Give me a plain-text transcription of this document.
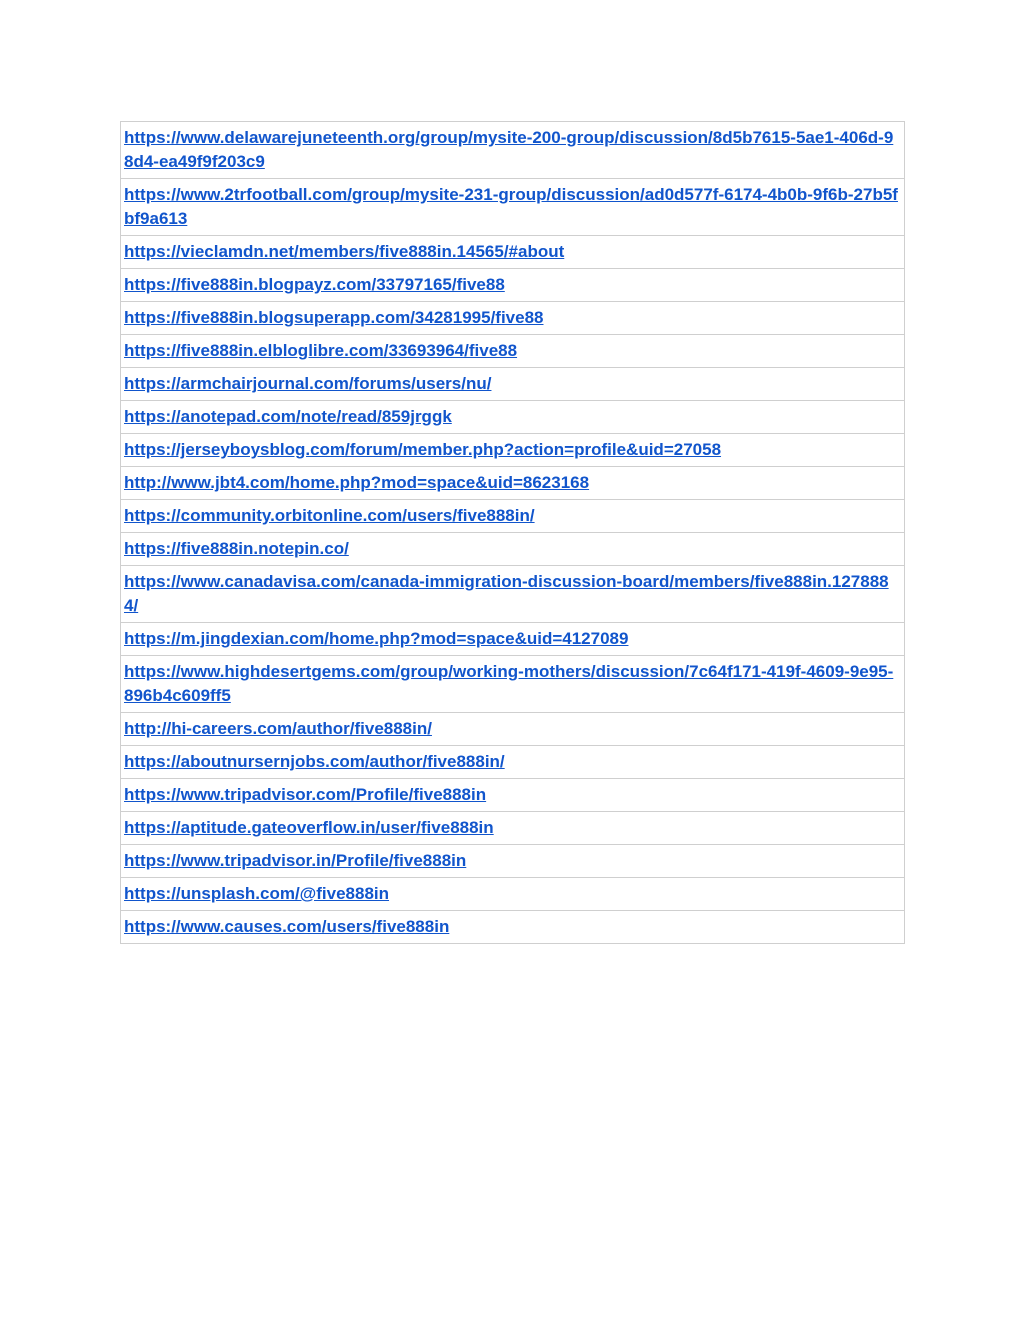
https://www.delawarejuneteenth.org/group/mysite-200-group/discussion/8d5b7615-5ae1-406d-98d4-ea49f9f203c9
https://www.2trfootball.com/group/mysite-231-group/discussion/ad0d577f-6174-4b0b-9f6b-27b5fbf9a613
https://vieclamdn.net/members/five888in.14565/#about
https://five888in.blogpayz.com/33797165/five88
https://five888in.blogsuperapp.com/34281995/five88
https://five888in.elbloglibre.com/33693964/five88
https://armchairjournal.com/forums/users/nu/
https://anotepad.com/note/read/859jrggk
https://jerseyboysblog.com/forum/member.php?action=profile&uid=27058
http://www.jbt4.com/home.php?mod=space&uid=8623168
https://community.orbitonline.com/users/five888in/
https://five888in.notepin.co/
https://www.canadavisa.com/canada-immigration-discussion-board/members/five888in.1278884/
https://m.jingdexian.com/home.php?mod=space&uid=4127089
https://www.highdesertgems.com/group/working-mothers/discussion/7c64f171-419f-4609-9e95-896b4c609ff5
http://hi-careers.com/author/five888in/
https://aboutnursernjobs.com/author/five888in/
https://www.tripadvisor.com/Profile/five888in
https://aptitude.gateoverflow.in/user/five888in
https://www.tripadvisor.in/Profile/five888in
https://unsplash.com/@five888in
https://www.causes.com/users/five888in
